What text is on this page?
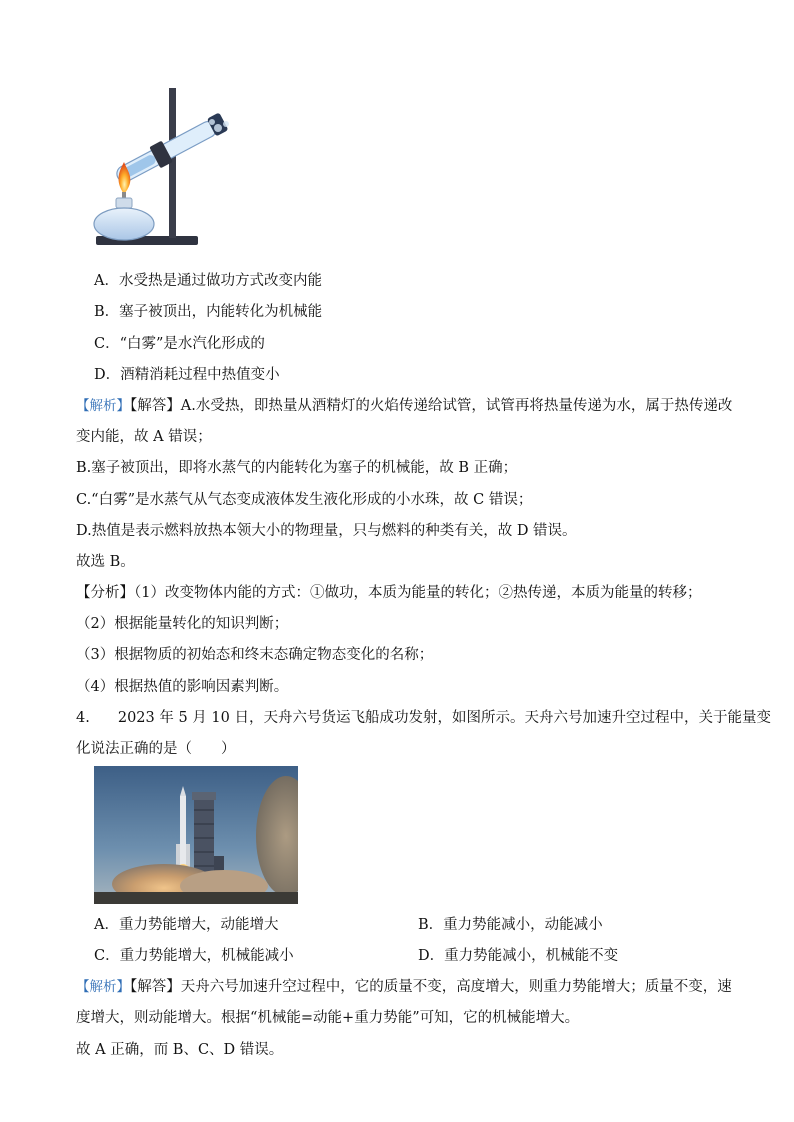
A．水受热是通过做功方式改变内能
B．塞子被顶出，内能转化为机械能
C．“白雾”是水汽化形成的
D．酒精消耗过程中热值变小
【解析】【解答】A.水受热，即热量从酒精灯的火焰传递给试管，试管再将热量传递为水，属于热传递改
变内能，故 A 错误；
B.塞子被顶出，即将水蒸气的内能转化为塞子的机械能，故 B 正确；
C.“白雾”是水蒸气从气态变成液体发生液化形成的小水珠，故 C 错误；
D.热值是表示燃料放热本领大小的物理量，只与燃料的种类有关，故 D 错误。
故选 B。
【分析】（1）改变物体内能的方式：①做功，本质为能量的转化；②热传递，本质为能量的转移；
（2）根据能量转化的知识判断；
（3）根据物质的初始态和终末态确定物态变化的名称；
（4）根据热值的影响因素判断。
4. 2023 年 5 月 10 日，天舟六号货运飞船成功发射，如图所示。天舟六号加速升空过程中，关于能量变
化说法正确的是（　　）
A．重力势能增大，动能增大	B．重力势能减小，动能减小
C．重力势能增大，机械能减小	D．重力势能减小，机械能不变
【解析】【解答】天舟六号加速升空过程中，它的质量不变，高度增大，则重力势能增大；质量不变，速
度增大，则动能增大。根据“机械能=动能+重力势能”可知，它的机械能增大。
故 A 正确，而 B、C、D 错误。
